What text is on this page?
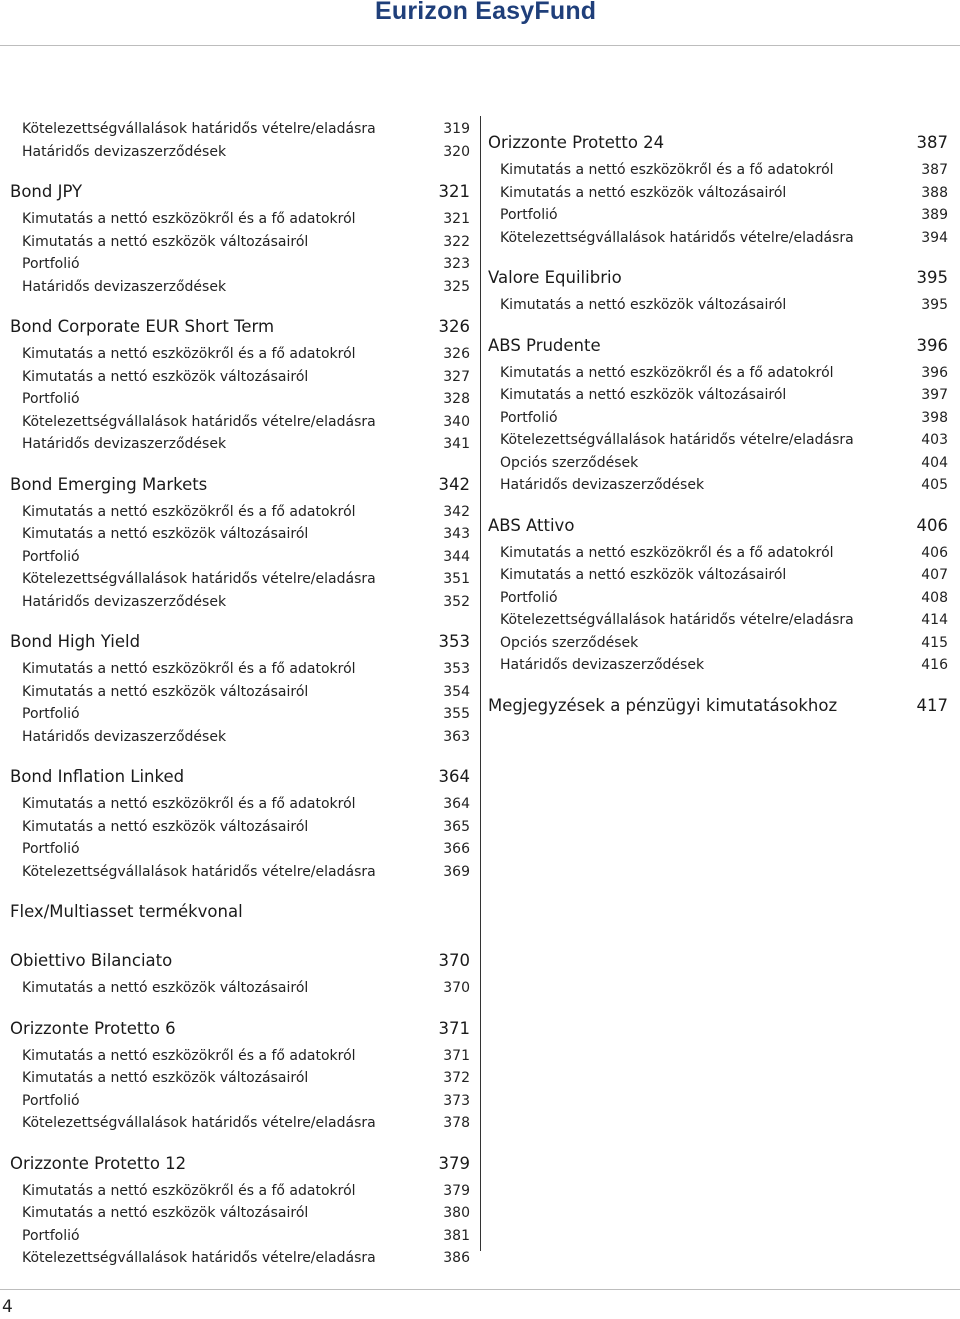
Eurizon EasyFund
Kötelezettségvállalások határidős vételre/eladásra	319
Határidős devizaszerződések	320
Bond JPY	321
Kimutatás a nettó eszközökről és a fő adatokról	321
Kimutatás a nettó eszközök változásairól	322
Portfolió	323
Határidős devizaszerződések	325
Bond Corporate EUR Short Term	326
Kimutatás a nettó eszközökről és a fő adatokról	326
Kimutatás a nettó eszközök változásairól	327
Portfolió	328
Kötelezettségvállalások határidős vételre/eladásra	340
Határidős devizaszerződések	341
Bond Emerging Markets	342
Kimutatás a nettó eszközökről és a fő adatokról	342
Kimutatás a nettó eszközök változásairól	343
Portfolió	344
Kötelezettségvállalások határidős vételre/eladásra	351
Határidős devizaszerződések	352
Bond High Yield	353
Kimutatás a nettó eszközökről és a fő adatokról	353
Kimutatás a nettó eszközök változásairól	354
Portfolió	355
Határidős devizaszerződések	363
Bond Inflation Linked	364
Kimutatás a nettó eszközökről és a fő adatokról	364
Kimutatás a nettó eszközök változásairól	365
Portfolió	366
Kötelezettségvállalások határidős vételre/eladásra	369
Flex/Multiasset termékvonal
Obiettivo Bilanciato	370
Kimutatás a nettó eszközök változásairól	370
Orizzonte Protetto 6	371
Kimutatás a nettó eszközökről és a fő adatokról	371
Kimutatás a nettó eszközök változásairól	372
Portfolió	373
Kötelezettségvállalások határidős vételre/eladásra	378
Orizzonte Protetto 12	379
Kimutatás a nettó eszközökről és a fő adatokról	379
Kimutatás a nettó eszközök változásairól	380
Portfolió	381
Kötelezettségvállalások határidős vételre/eladásra	386
Orizzonte Protetto 24	387
Kimutatás a nettó eszközökről és a fő adatokról	387
Kimutatás a nettó eszközök változásairól	388
Portfolió	389
Kötelezettségvállalások határidős vételre/eladásra	394
Valore Equilibrio	395
Kimutatás a nettó eszközök változásairól	395
ABS Prudente	396
Kimutatás a nettó eszközökről és a fő adatokról	396
Kimutatás a nettó eszközök változásairól	397
Portfolió	398
Kötelezettségvállalások határidős vételre/eladásra	403
Opciós szerződések	404
Határidős devizaszerződések	405
ABS Attivo	406
Kimutatás a nettó eszközökről és a fő adatokról	406
Kimutatás a nettó eszközök változásairól	407
Portfolió	408
Kötelezettségvállalások határidős vételre/eladásra	414
Opciós szerződések	415
Határidős devizaszerződések	416
Megjegyzések a pénzügyi kimutatásokhoz	417
4
